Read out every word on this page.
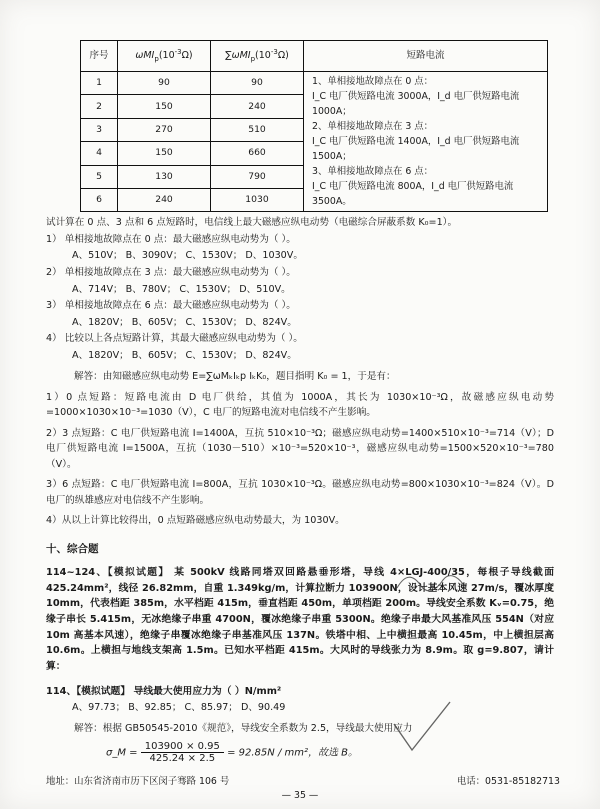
序号	$\omega MI_p(10^{-3}\Omega)$	$\sum\omega MI_p(10^{-3}\Omega)$	短路电流
1	90	90	1、单相接地故障点在 0 点：
I_C 电厂供短路电流 3000A，I_d 电厂供短路电流 1000A；
2、单相接地故障点在 3 点：
I_C 电厂供短路电流 1400A，I_d 电厂供短路电流 1500A；
3、单相接地故障点在 6 点：
I_C 电厂供短路电流 800A，I_d 电厂供短路电流 3500A。

2	150	240	
3	270	510	
4	150	660	
5	130	790	
6	240	1030	
试计算在 0 点、3 点和 6 点短路时，电信线上最大磁感应纵电动势（电磁综合屏蔽系数 K₀=1）。
1） 单相接地故障点在 0 点：最大磁感应纵电动势为（ ）。
A、510V； B、3090V； C、1530V； D、1030V。
2） 单相接地故障点在 3 点：最大磁感应纵电动势为（ ）。
A、714V； B、780V； C、1530V； D、510V。
3） 单相接地故障点在 6 点：最大磁感应纵电动势为（ ）。
A、1820V； B、605V； C、1530V； D、824V。
4） 比较以上各点短路计算，其最大磁感应纵电动势为（ ）。
A、1820V； B、605V； C、1530V； D、824V。
解答：由知磁感应纵电动势 E=∑ωMₖIₖp IₖK₀，题目指明 K₀ = 1，于是有：
1）0 点短路：短路电流由 D 电厂供给，其值为 1000A，其长为 1030×10⁻³Ω，故磁感应纵电动势=1000×1030×10⁻³=1030（V），C 电厂的短路电流对电信线不产生影响。
2）3 点短路：C 电厂供短路电流 I=1400A，互抗 510×10⁻³Ω；磁感应纵电动势=1400×510×10⁻³=714（V）；D 电厂供短路电流 I=1500A，互抗（1030－510）×10⁻³=520×10⁻³，磁感应纵电动势=1500×520×10⁻³=780（V）。
3）6 点短路：C 电厂供短路电流 I=800A，互抗 1030×10⁻³Ω。磁感应纵电动势=800×1030×10⁻³=824（V）。D 电厂的纵雄感应对电信线不产生影响。
4）从以上计算比较得出，0 点短路磁感应纵电动势最大，为 1030V。
十、综合题
114~124、【模拟试题】 某 500kV 线路同塔双回路悬垂形塔，导线 4×LGJ-400/35，每根子导线截面 425.24mm²，线径 26.82mm，自重 1.349kg/m，计算拉断力 103900N，设计基本风速 27m/s，覆冰厚度 10mm，代表档距 385m，水平档距 415m，垂直档距 450m，单项档距 200m。导线安全系数 Kᵥ=0.75，绝缘子串长 5.415m，无冰绝缘子串重 4700N，覆冰绝缘子串重 5300N。绝缘子串最大风基准风压 554N（对应 10m 高基本风速），绝缘子串覆冰绝缘子串基准风压 137N。铁塔中相、上中横担最高 10.45m，中上横担层高 10.6m。上横担与地线支架高 1.5m。已知水平档距 415m。大风时的导线张力为 8.9m。取 g=9.807，请计算：
114、【模拟试题】 导线最大使用应力为（ ）N/mm²
A、97.73； B、92.85； C、85.97； D、90.49
解答：根据 GB50545-2010《规范》，导线安全系数为 2.5，导线最大使用应力
σ_M = $\frac{103900 \times 0.95}{425.24 \times 2.5} = 92.85N / mm^2$，故选 B。
地址：山东省济南市历下区闵子骞路 106 号	电话：0531-85182713
— 35 —
